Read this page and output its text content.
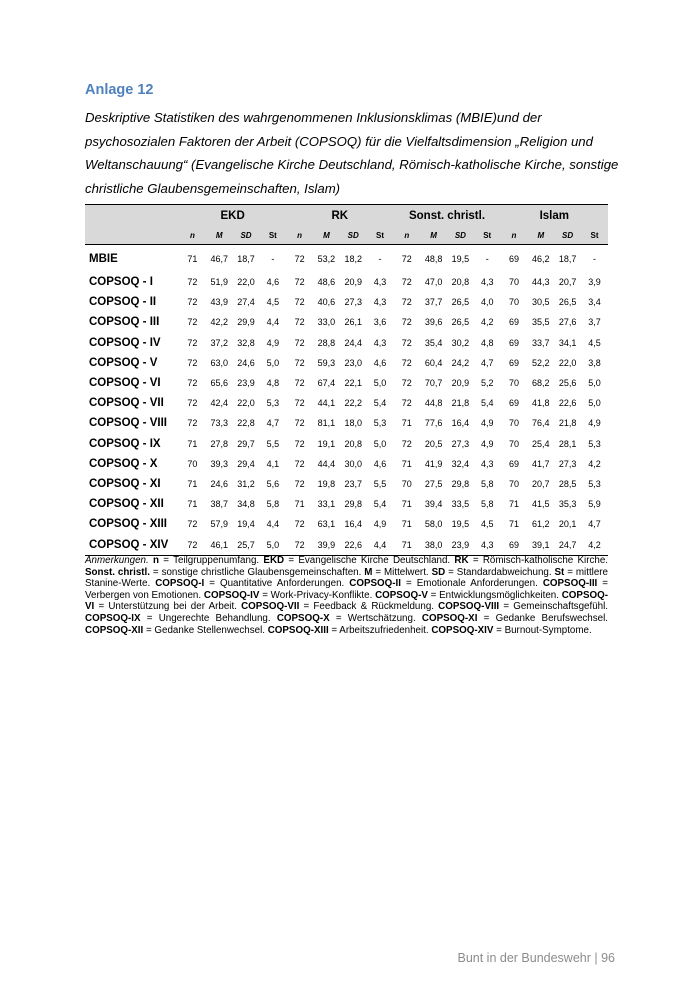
Anlage 12
Deskriptive Statistiken des wahrgenommenen Inklusionsklimas (MBIE)und der
psychosozialen Faktoren der Arbeit (COPSOQ) für die Vielfaltsdimension „Religion und
Weltanschauung“ (Evangelische Kirche Deutschland, Römisch-katholische Kirche, sonstige
christliche Glaubensgemeinschaften, Islam)
	EKD				RK				Sonst. christl.				Islam			
	n	M	SD	St	n	M	SD	St	n	M	SD	St	n	M	SD	St
MBIE	71	46,7	18,7	-	72	53,2	18,2	-	72	48,8	19,5	-	69	46,2	18,7	-
COPSOQ - I	72	51,9	22,0	4,6	72	48,6	20,9	4,3	72	47,0	20,8	4,3	70	44,3	20,7	3,9
COPSOQ - II	72	43,9	27,4	4,5	72	40,6	27,3	4,3	72	37,7	26,5	4,0	70	30,5	26,5	3,4
COPSOQ - III	72	42,2	29,9	4,4	72	33,0	26,1	3,6	72	39,6	26,5	4,2	69	35,5	27,6	3,7
COPSOQ - IV	72	37,2	32,8	4,9	72	28,8	24,4	4,3	72	35,4	30,2	4,8	69	33,7	34,1	4,5
COPSOQ - V	72	63,0	24,6	5,0	72	59,3	23,0	4,6	72	60,4	24,2	4,7	69	52,2	22,0	3,8
COPSOQ - VI	72	65,6	23,9	4,8	72	67,4	22,1	5,0	72	70,7	20,9	5,2	70	68,2	25,6	5,0
COPSOQ - VII	72	42,4	22,0	5,3	72	44,1	22,2	5,4	72	44,8	21,8	5,4	69	41,8	22,6	5,0
COPSOQ - VIII	72	73,3	22,8	4,7	72	81,1	18,0	5,3	71	77,6	16,4	4,9	70	76,4	21,8	4,9
COPSOQ - IX	71	27,8	29,7	5,5	72	19,1	20,8	5,0	72	20,5	27,3	4,9	70	25,4	28,1	5,3
COPSOQ - X	70	39,3	29,4	4,1	72	44,4	30,0	4,6	71	41,9	32,4	4,3	69	41,7	27,3	4,2
COPSOQ - XI	71	24,6	31,2	5,6	72	19,8	23,7	5,5	70	27,5	29,8	5,8	70	20,7	28,5	5,3
COPSOQ - XII	71	38,7	34,8	5,8	71	33,1	29,8	5,4	71	39,4	33,5	5,8	71	41,5	35,3	5,9
COPSOQ - XIII	72	57,9	19,4	4,4	72	63,1	16,4	4,9	71	58,0	19,5	4,5	71	61,2	20,1	4,7
COPSOQ - XIV	72	46,1	25,7	5,0	72	39,9	22,6	4,4	71	38,0	23,9	4,3	69	39,1	24,7	4,2
Anmerkungen. n = Teilgruppenumfang. EKD = Evangelische Kirche Deutschland. RK = Römisch-katholische Kirche. Sonst. christl. = sonstige christliche Glaubensgemeinschaften. M = Mittelwert. SD = Standardabweichung. St = mittlere Stanine-Werte. COPSOQ-I = Quantitative Anforderungen. COPSOQ-II = Emotionale Anforderungen. COPSOQ-III = Verbergen von Emotionen. COPSOQ-IV = Work-Privacy-Konflikte. COPSOQ-V = Entwicklungsmöglichkeiten. COPSOQ-VI = Unterstützung bei der Arbeit. COPSOQ-VII = Feedback & Rückmeldung. COPSOQ-VIII = Gemeinschaftsgefühl. COPSOQ-IX = Ungerechte Behandlung. COPSOQ-X = Wertschätzung. COPSOQ-XI = Gedanke Berufswechsel. COPSOQ-XII = Gedanke Stellenwechsel. COPSOQ-XIII = Arbeitszufriedenheit. COPSOQ-XIV = Burnout-Symptome.
Bunt in der Bundeswehr | 96
